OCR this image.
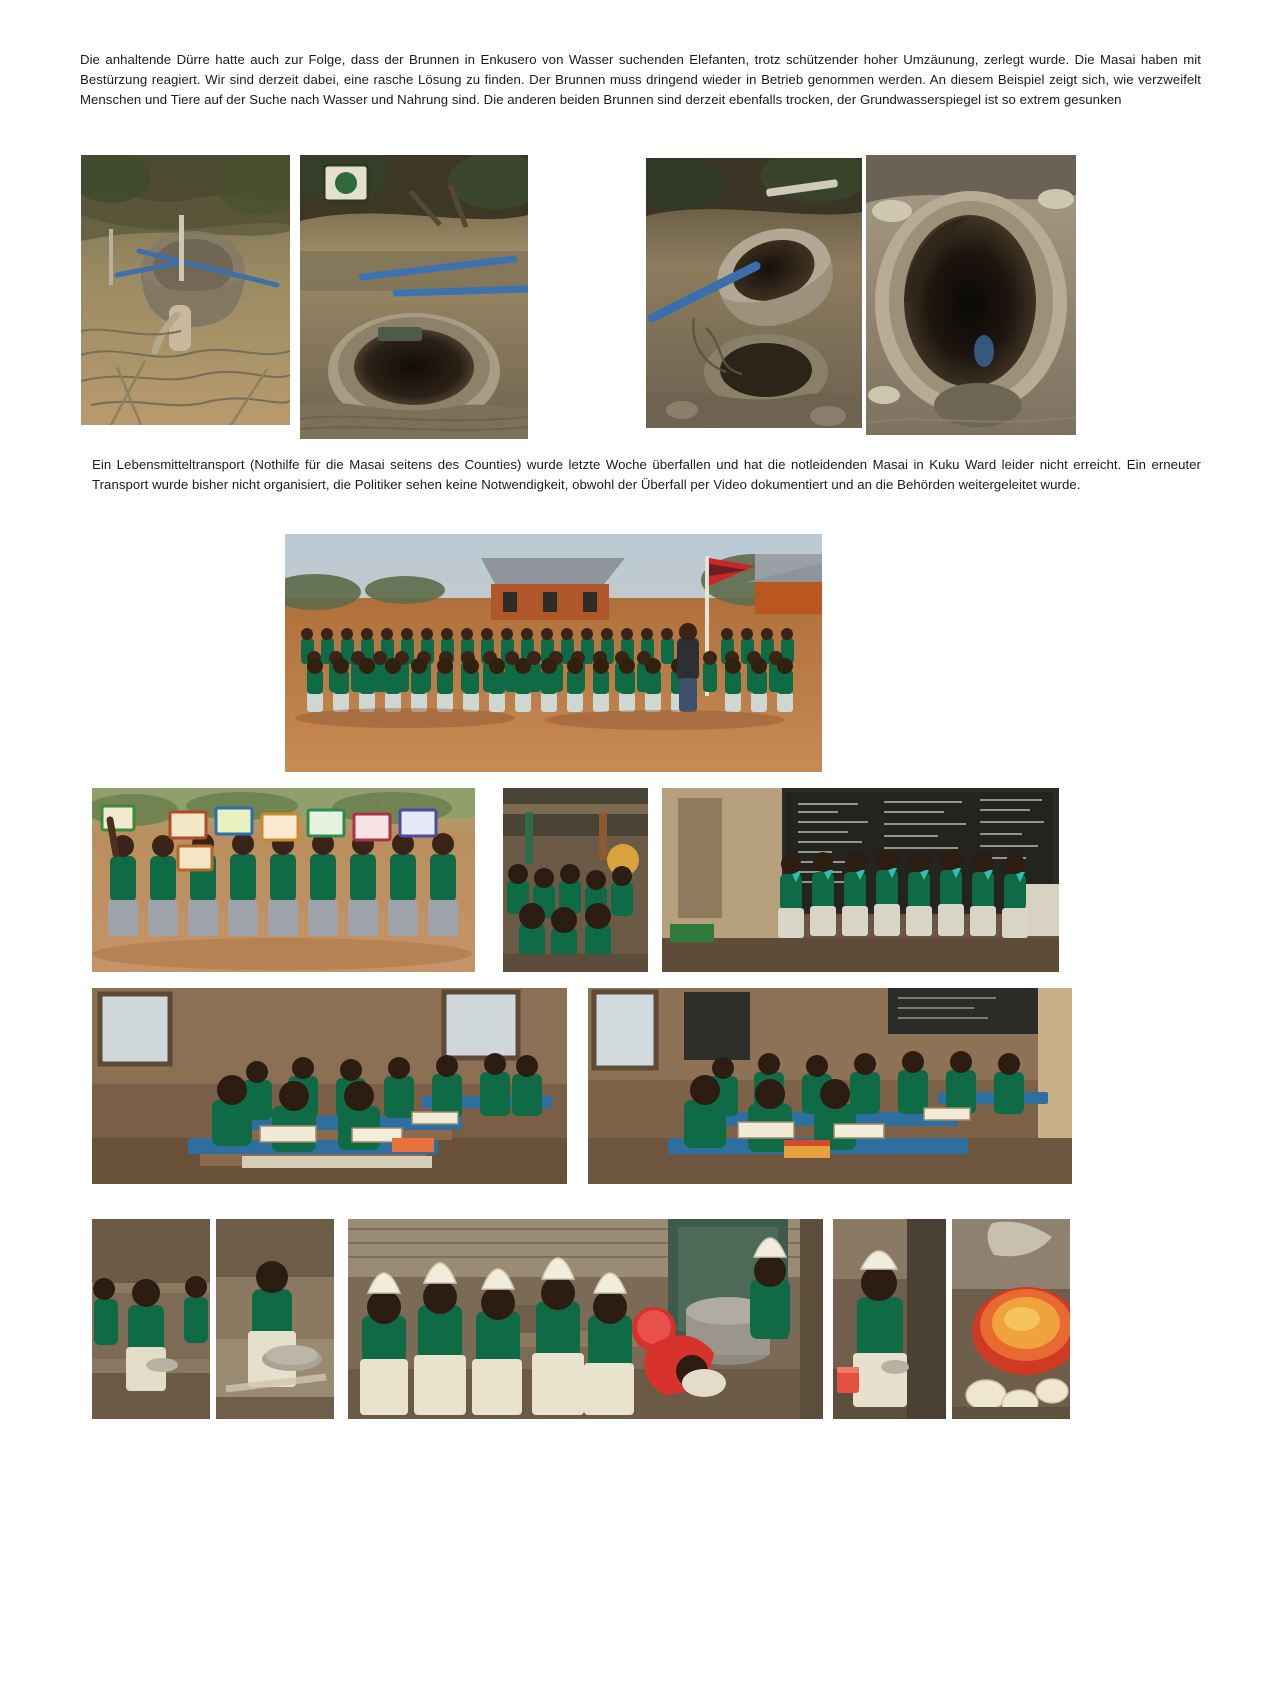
Die anhaltende Dürre hatte auch zur Folge, dass der Brunnen in Enkusero von Wasser suchenden Elefanten, trotz schützender hoher Umzäunung, zerlegt wurde. Die Masai haben mit Bestürzung reagiert. Wir sind derzeit dabei, eine rasche Lösung zu finden. Der Brunnen muss dringend wieder in Betrieb genommen werden. An diesem Beispiel zeigt sich, wie verzweifelt Menschen und Tiere auf der Suche nach Wasser und Nahrung sind. Die anderen beiden Brunnen sind derzeit ebenfalls trocken, der Grundwasserspiegel ist so extrem gesunken
Ein Lebensmitteltransport (Nothilfe für die Masai seitens des Counties) wurde letzte Woche überfallen und hat die notleidenden Masai in Kuku Ward leider nicht erreicht. Ein erneuter Transport wurde bisher nicht organisiert, die Politiker sehen keine Notwendigkeit, obwohl der Überfall per Video dokumentiert und an die Behörden weitergeleitet wurde.
